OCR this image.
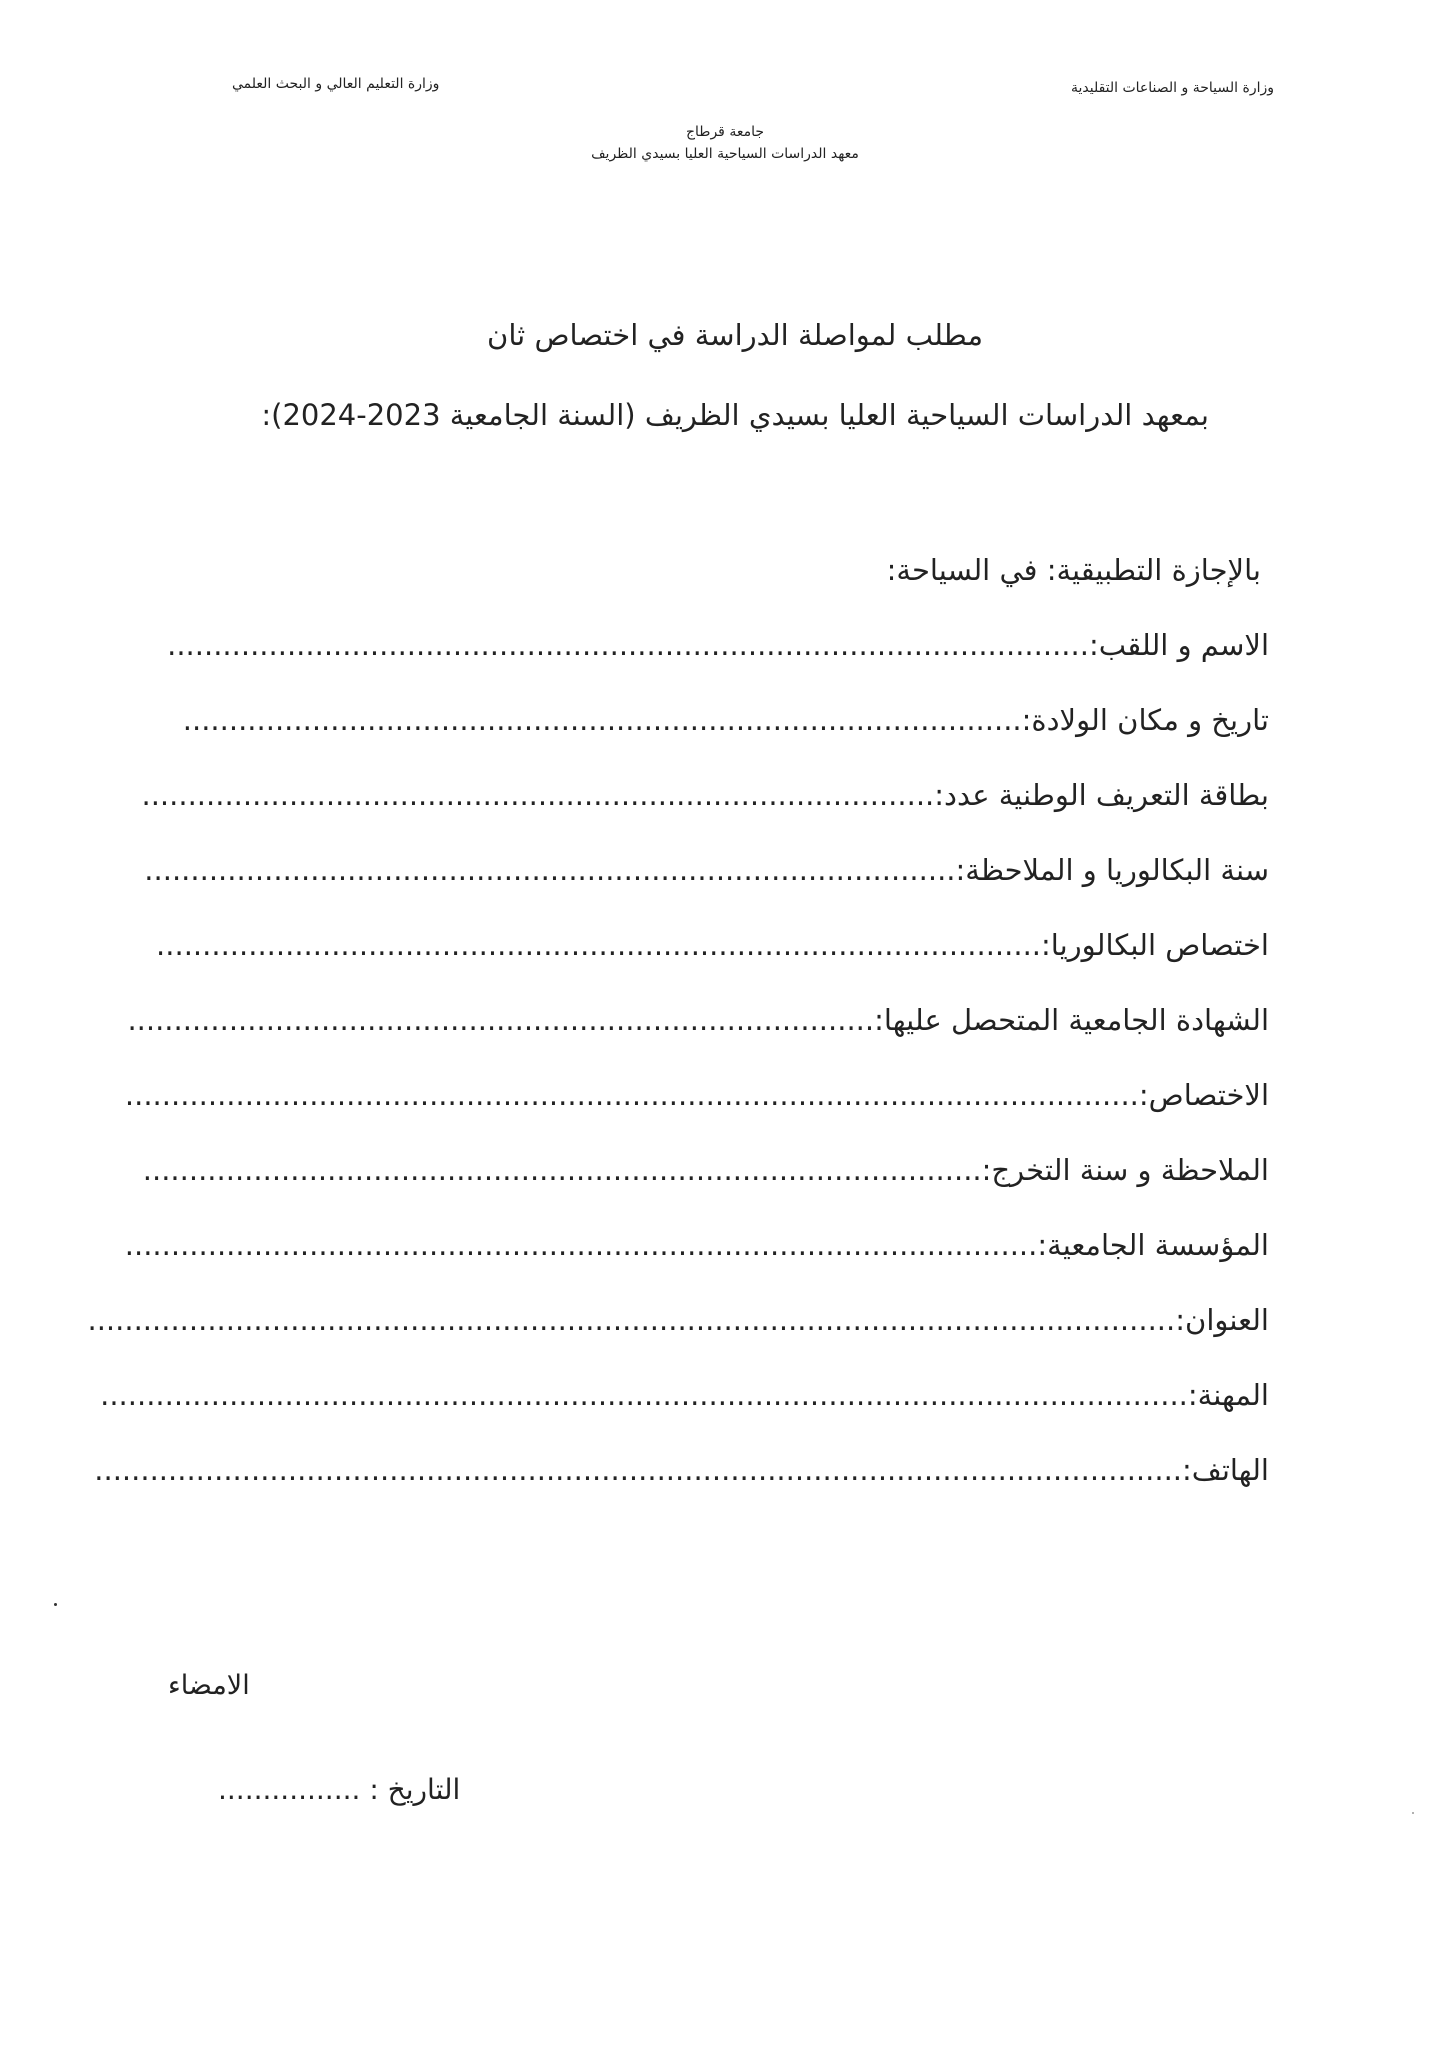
وزارة السياحة و الصناعات التقليدية
وزارة التعليم العالي و البحث العلمي
جامعة قرطاج
معهد الدراسات السياحية العليا بسيدي الظريف
مطلب لمواصلة الدراسة في اختصاص ثان
بمعهد الدراسات السياحية العليا بسيدي الظريف (السنة الجامعية 2023-2024):
بالإجازة التطبيقية: في السياحة:
الاسم و اللقب:....................................................................................................
تاريخ و مكان الولادة:...........................................................................................
بطاقة التعريف الوطنية عدد:......................................................................................
سنة البكالوريا و الملاحظة:........................................................................................
اختصاص البكالوريا:................................................................................................
الشهادة الجامعية المتحصل عليها:.................................................................................
الاختصاص:..............................................................................................................
الملاحظة و سنة التخرج:...........................................................................................
المؤسسة الجامعية:...................................................................................................
العنوان:......................................................................................................................
المهنة:......................................................................................................................
الهاتف:......................................................................................................................
الامضاء
................ التاريخ :
